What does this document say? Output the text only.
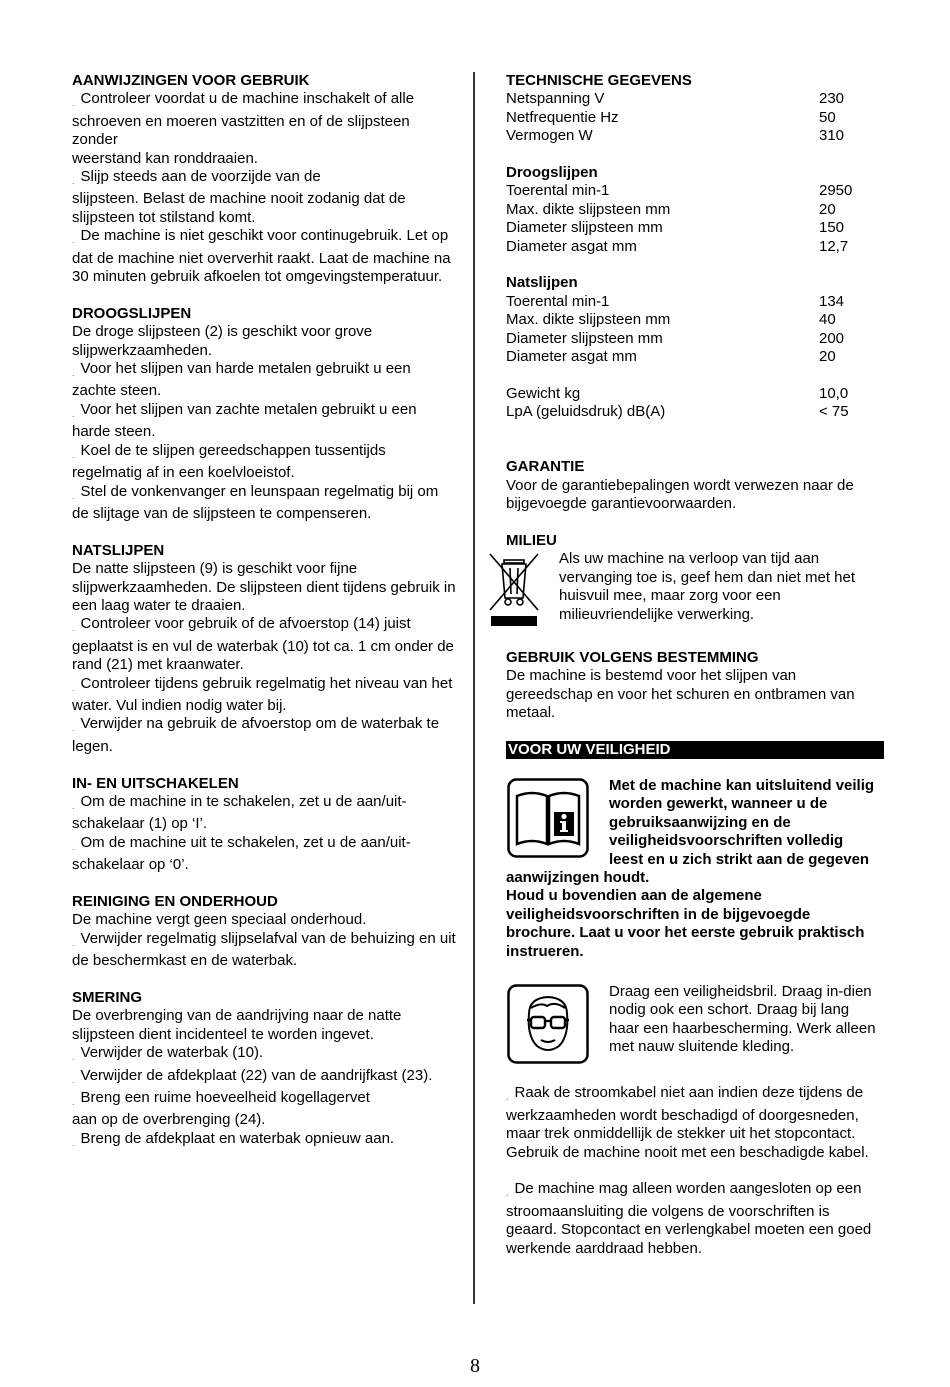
AANWIJZINGEN VOOR GEBRUIK

. Controleer voordat u de machine inschakelt of alle schroeven en moeren vastzitten en of de slijpsteen zonder

weerstand kan ronddraaien.

. Slijp steeds aan de voorzijde van de

slijpsteen. Belast de machine nooit zodanig dat de slijpsteen tot stilstand komt.

. De machine is niet geschikt voor continugebruik. Let op dat de machine niet oververhit raakt. Laat de machine na 30 minuten gebruik afkoelen tot omgevingstemperatuur.

DROOGSLIJPEN

De droge slijpsteen (2) is geschikt voor grove slijpwerkzaamheden.

. Voor het slijpen van harde metalen gebruikt u een zachte steen.

. Voor het slijpen van zachte metalen gebruikt u een harde steen.

. Koel de te slijpen gereedschappen tussentijds regelmatig af in een koelvloeistof.

. Stel de vonkenvanger en leunspaan regelmatig bij om de slijtage van de slijpsteen te compenseren.

NATSLIJPEN

De natte slijpsteen (9) is geschikt voor fijne slijpwerkzaamheden. De slijpsteen dient tijdens gebruik in een laag water te draaien.

. Controleer voor gebruik of de afvoerstop (14) juist geplaatst is en vul de waterbak (10) tot ca. 1 cm onder de rand (21) met kraanwater.

. Controleer tijdens gebruik regelmatig het niveau van het water. Vul indien nodig water bij.

. Verwijder na gebruik de afvoerstop om de waterbak te legen.

IN- EN UITSCHAKELEN

. Om de machine in te schakelen, zet u de aan/uit-schakelaar (1) op ‘I’.

. Om de machine uit te schakelen, zet u de aan/uit-schakelaar op ‘0’.

REINIGING EN ONDERHOUD

De machine vergt geen speciaal onderhoud.

. Verwijder regelmatig slijpselafval van de behuizing en uit de beschermkast en de waterbak.

SMERING

De overbrenging van de aandrijving naar de natte slijpsteen dient incidenteel te worden ingevet.

. Verwijder de waterbak (10).

. Verwijder de afdekplaat (22) van de aandrijfkast (23).

. Breng een ruime hoeveelheid kogellagervet

aan op de overbrenging (24).

. Breng de afdekplaat en waterbak opnieuw aan.

TECHNISCHE GEGEVENS
Netspanning V	230
Netfrequentie Hz	50
Vermogen W	310
Droogslijpen
Toerental min-1	2950
Max. dikte slijpsteen mm	20
Diameter slijpsteen mm	150
Diameter asgat mm	12,7
Natslijpen
Toerental min-1	134
Max. dikte slijpsteen mm	40
Diameter slijpsteen mm	200
Diameter asgat mm	20
Gewicht kg	10,0
LpA (geluidsdruk) dB(A)	< 75
GARANTIE

Voor de garantiebepalingen wordt verwezen naar de bijgevoegde garantievoorwaarden.

MILIEU

Als uw machine na verloop van tijd aan vervanging toe is, geef hem dan niet met het huisvuil mee, maar zorg voor een milieuvriendelijke verwerking.

GEBRUIK VOLGENS BESTEMMING

De machine is bestemd voor het slijpen van gereedschap en voor het schuren en ontbramen van metaal.

VOOR UW VEILIGHEID

Met de machine kan uitsluitend veilig worden gewerkt, wanneer u de gebruiksaanwijzing en de veiligheidsvoorschriften volledig leest en u zich strikt aan de gegeven aanwijzingen houdt.

Houd u bovendien aan de algemene veiligheidsvoorschriften in de bijgevoegde brochure. Laat u voor het eerste gebruik praktisch instrueren.

Draag een veiligheidsbril. Draag in-dien nodig ook een schort. Draag bij lang haar een haarbescherming. Werk alleen met nauw sluitende kleding.

. Raak de stroomkabel niet aan indien deze tijdens de werkzaamheden wordt beschadigd of doorgesneden, maar trek onmiddellijk de stekker uit het stopcontact. Gebruik de machine nooit met een beschadigde kabel.

. De machine mag alleen worden aangesloten op een stroomaansluiting die volgens de voorschriften is geaard. Stopcontact en verlengkabel moeten een goed werkende aarddraad hebben.

8
